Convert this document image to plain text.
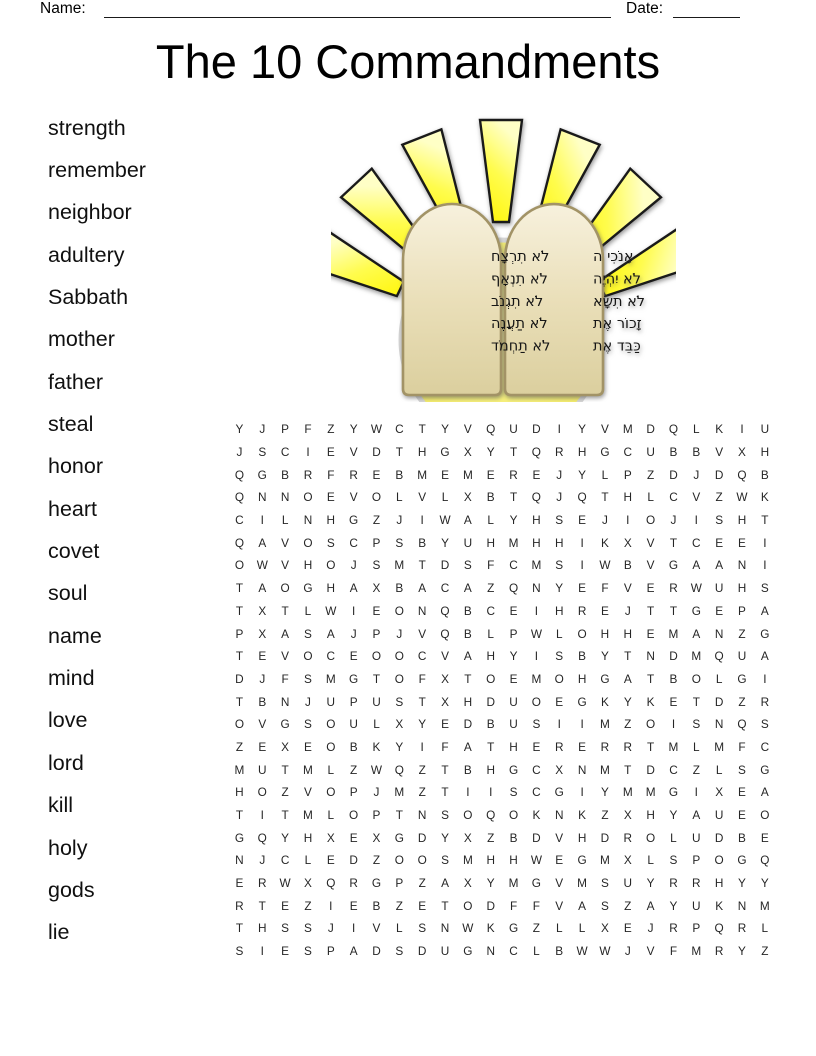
Name:	Date:
The 10 Commandments
strength
remember
neighbor
adultery
Sabbath
mother
father
steal
honor
heart
covet
soul
name
mind
love
lord
kill
holy
gods
lie
לֹא תִרְצָח
לֹא תִנְאָף
לֹא תִגְנֹב
לֹא תַעֲנֶה
לֹא תַחְמֹד
אָנֹכִי ה
לֹא יִהְיֶה
לֹא תִשָּׂא
זָכוֹר אֶת
כַּבֵּד אֶת
Y	J	P	F	Z	Y	W	C	T	Y	V	Q	U	D	I	Y	V	M	D	Q	L	K	I	U
J	S	C	I	E	V	D	T	H	G	X	Y	T	Q	R	H	G	C	U	B	B	V	X	H
Q	G	B	R	F	R	E	B	M	E	M	E	R	E	J	Y	L	P	Z	D	J	D	Q	B
Q	N	N	O	E	V	O	L	V	L	X	B	T	Q	J	Q	T	H	L	C	V	Z	W	K
C	I	L	N	H	G	Z	J	I	W	A	L	Y	H	S	E	J	I	O	J	I	S	H	T
Q	A	V	O	S	C	P	S	B	Y	U	H	M	H	H	I	K	X	V	T	C	E	E	I
O	W	V	H	O	J	S	M	T	D	S	F	C	M	S	I	W	B	V	G	A	A	N	I
T	A	O	G	H	A	X	B	A	C	A	Z	Q	N	Y	E	F	V	E	R	W	U	H	S
T	X	T	L	W	I	E	O	N	Q	B	C	E	I	H	R	E	J	T	T	G	E	P	A
P	X	A	S	A	J	P	J	V	Q	B	L	P	W	L	O	H	H	E	M	A	N	Z	G
T	E	V	O	C	E	O	O	C	V	A	H	Y	I	S	B	Y	T	N	D	M	Q	U	A
D	J	F	S	M	G	T	O	F	X	T	O	E	M	O	H	G	A	T	B	O	L	G	I
T	B	N	J	U	P	U	S	T	X	H	D	U	O	E	G	K	Y	K	E	T	D	Z	R
O	V	G	S	O	U	L	X	Y	E	D	B	U	S	I	I	M	Z	O	I	S	N	Q	S
Z	E	X	E	O	B	K	Y	I	F	A	T	H	E	R	E	R	R	T	M	L	M	F	C
M	U	T	M	L	Z	W	Q	Z	T	B	H	G	C	X	N	M	T	D	C	Z	L	S	G
H	O	Z	V	O	P	J	M	Z	T	I	I	S	C	G	I	Y	M	M	G	I	X	E	A
T	I	T	M	L	O	P	T	N	S	O	Q	O	K	N	K	Z	X	H	Y	A	U	E	O
G	Q	Y	H	X	E	X	G	D	Y	X	Z	B	D	V	H	D	R	O	L	U	D	B	E
N	J	C	L	E	D	Z	O	O	S	M	H	H	W	E	G	M	X	L	S	P	O	G	Q
E	R	W	X	Q	R	G	P	Z	A	X	Y	M	G	V	M	S	U	Y	R	R	H	Y	Y
R	T	E	Z	I	E	B	Z	E	T	O	D	F	F	V	A	S	Z	A	Y	U	K	N	M
T	H	S	S	J	I	V	L	S	N	W	K	G	Z	L	L	X	E	J	R	P	Q	R	L
S	I	E	S	P	A	D	S	D	U	G	N	C	L	B	W W	J	V	F	M	R	Y	Z
